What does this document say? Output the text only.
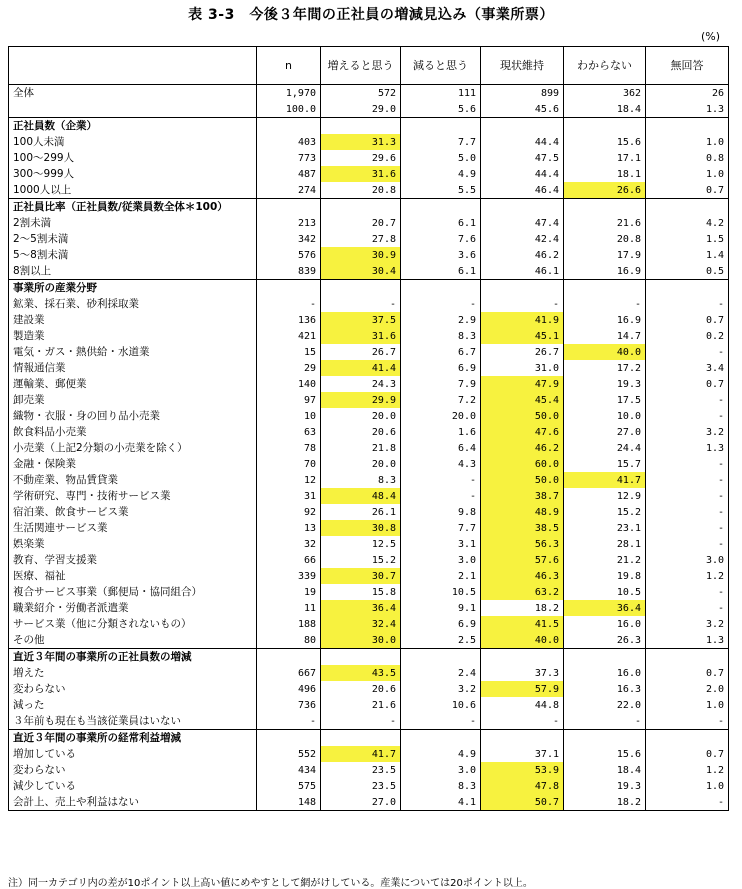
表 3-3　今後３年間の正社員の増減見込み（事業所票）
(%)
	n	増えると思う	減ると思う	現状維持	わからない	無回答
全体	1,970	572	111	899	362	26
	100.0	29.0	5.6	45.6	18.4	1.3
正社員数（企業）						
100人未満	403	31.3	7.7	44.4	15.6	1.0
100～299人	773	29.6	5.0	47.5	17.1	0.8
300～999人	487	31.6	4.9	44.4	18.1	1.0
1000人以上	274	20.8	5.5	46.4	26.6	0.7
正社員比率（正社員数/従業員数全体＊100）						
2割未満	213	20.7	6.1	47.4	21.6	4.2
2～5割未満	342	27.8	7.6	42.4	20.8	1.5
5～8割未満	576	30.9	3.6	46.2	17.9	1.4
8割以上	839	30.4	6.1	46.1	16.9	0.5
事業所の産業分野						
鉱業、採石業、砂利採取業	-	-	-	-	-	-
建設業	136	37.5	2.9	41.9	16.9	0.7
製造業	421	31.6	8.3	45.1	14.7	0.2
電気・ガス・熱供給・水道業	15	26.7	6.7	26.7	40.0	-
情報通信業	29	41.4	6.9	31.0	17.2	3.4
運輸業、郵便業	140	24.3	7.9	47.9	19.3	0.7
卸売業	97	29.9	7.2	45.4	17.5	-
織物・衣服・身の回り品小売業	10	20.0	20.0	50.0	10.0	-
飲食料品小売業	63	20.6	1.6	47.6	27.0	3.2
小売業（上記2分類の小売業を除く）	78	21.8	6.4	46.2	24.4	1.3
金融・保険業	70	20.0	4.3	60.0	15.7	-
不動産業、物品賃貸業	12	8.3	-	50.0	41.7	-
学術研究、専門・技術サービス業	31	48.4	-	38.7	12.9	-
宿泊業、飲食サービス業	92	26.1	9.8	48.9	15.2	-
生活関連サービス業	13	30.8	7.7	38.5	23.1	-
娯楽業	32	12.5	3.1	56.3	28.1	-
教育、学習支援業	66	15.2	3.0	57.6	21.2	3.0
医療、福祉	339	30.7	2.1	46.3	19.8	1.2
複合サービス事業（郵便局・協同組合）	19	15.8	10.5	63.2	10.5	-
職業紹介・労働者派遣業	11	36.4	9.1	18.2	36.4	-
サービス業（他に分類されないもの）	188	32.4	6.9	41.5	16.0	3.2
その他	80	30.0	2.5	40.0	26.3	1.3
直近３年間の事業所の正社員数の増減						
増えた	667	43.5	2.4	37.3	16.0	0.7
変わらない	496	20.6	3.2	57.9	16.3	2.0
減った	736	21.6	10.6	44.8	22.0	1.0
３年前も現在も当該従業員はいない	-	-	-	-	-	-
直近３年間の事業所の経常利益増減						
増加している	552	41.7	4.9	37.1	15.6	0.7
変わらない	434	23.5	3.0	53.9	18.4	1.2
減少している	575	23.5	8.3	47.8	19.3	1.0
会計上、売上や利益はない	148	27.0	4.1	50.7	18.2	-
注）同一カテゴリ内の差が10ポイント以上高い値にめやすとして網がけしている。産業については20ポイント以上。
